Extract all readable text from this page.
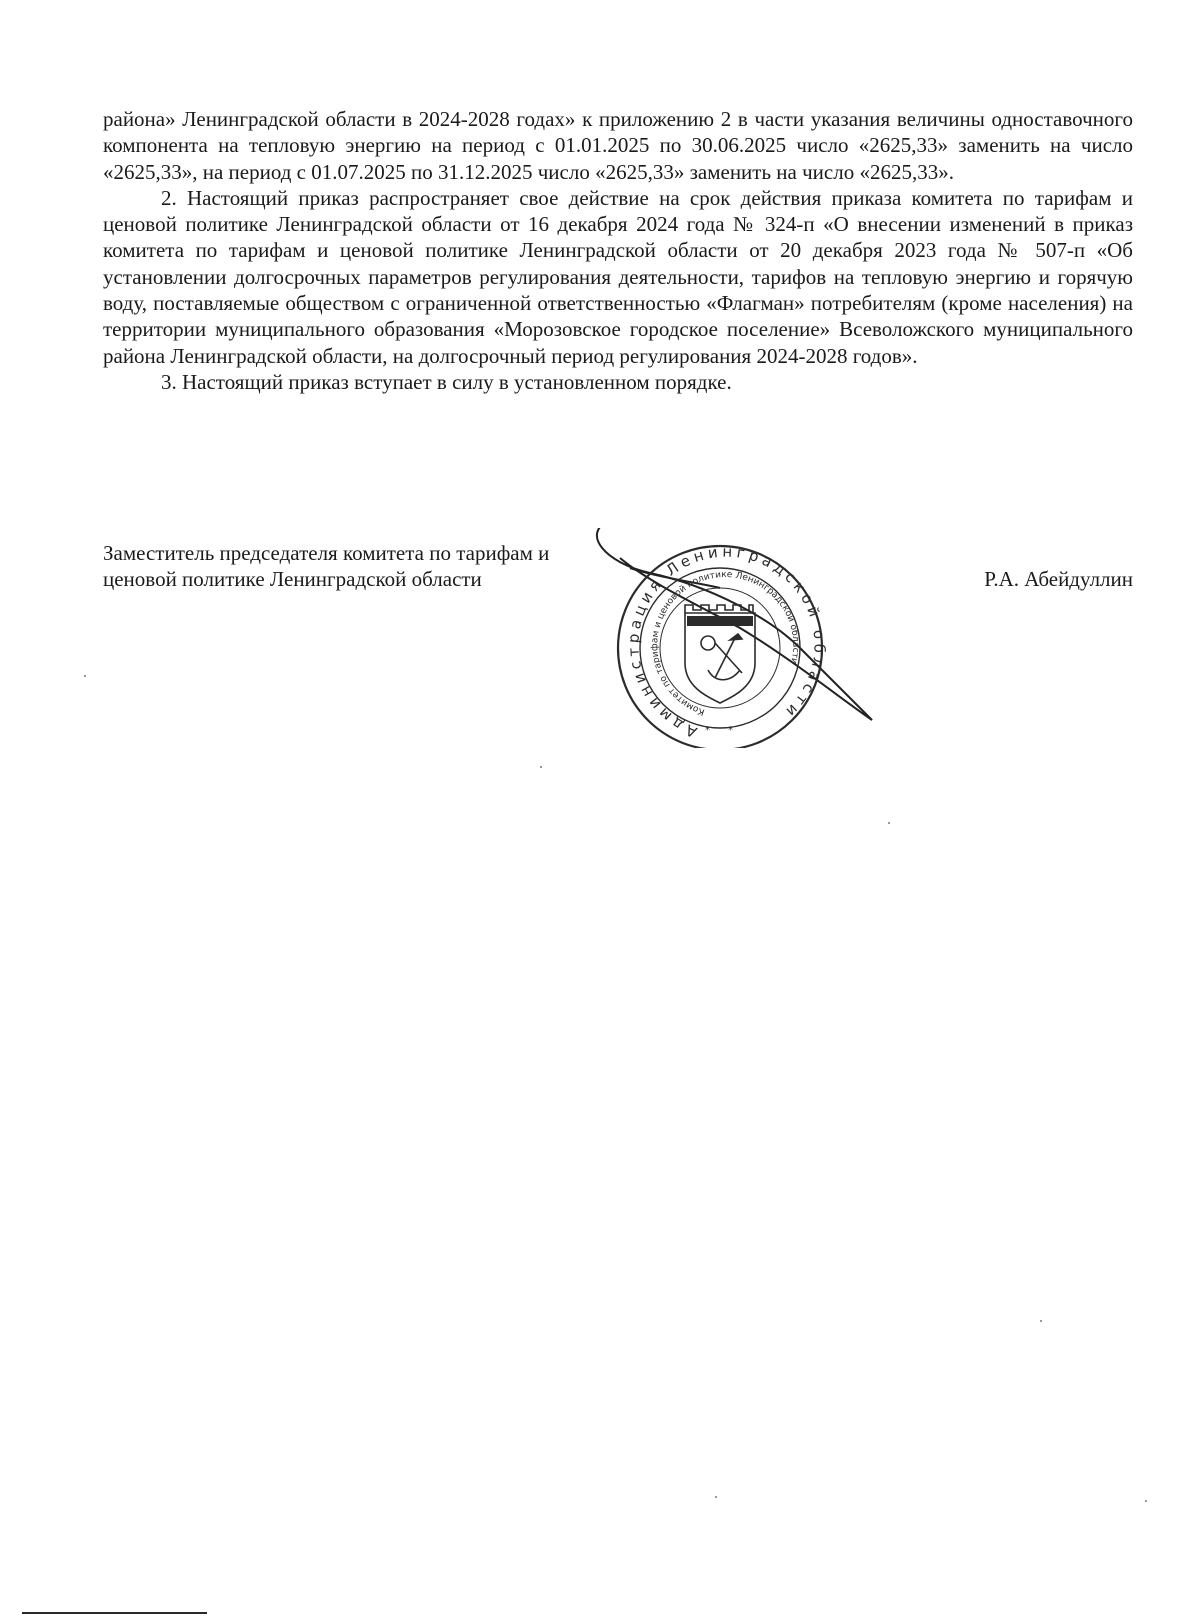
района» Ленинградской области в 2024-2028 годах» к приложению 2 в части указания величины одноставочного компонента на тепловую энергию на период с 01.01.2025 по 30.06.2025 число «2625,33» заменить на число «2625,33», на период с 01.07.2025 по 31.12.2025 число «2625,33» заменить на число «2625,33».

2. Настоящий приказ распространяет свое действие на срок действия приказа комитета по тарифам и ценовой политике Ленинградской области от 16 декабря 2024 года № 324-п «О внесении изменений в приказ комитета по тарифам и ценовой политике Ленинградской области от 20 декабря 2023 года № 507-п «Об установлении долгосрочных параметров регулирования деятельности, тарифов на тепловую энергию и горячую воду, поставляемые обществом с ограниченной ответственностью «Флагман» потребителям (кроме населения) на территории муниципального образования «Морозовское городское поселение» Всеволожского муниципального района Ленинградской области, на долгосрочный период регулирования 2024-2028 годов».

3. Настоящий приказ вступает в силу в установленном порядке.

Заместитель председателя комитета по тарифам и
ценовой политике Ленинградской области	Р.А. Абейдуллин
Администрация Ленинградской области
Комитет по тарифам и ценовой политике Ленинградской области
* *
